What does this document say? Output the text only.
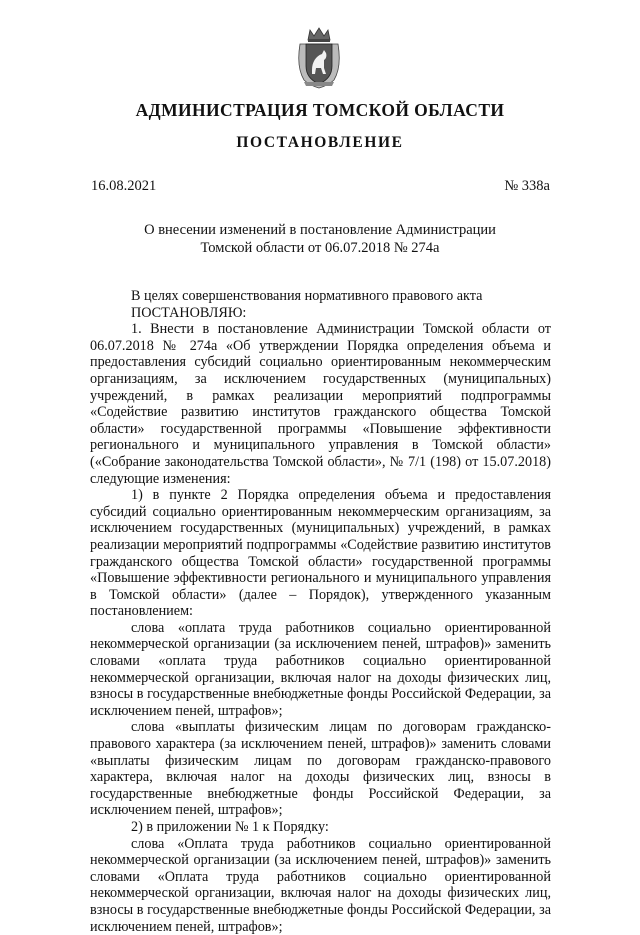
АДМИНИСТРАЦИЯ ТОМСКОЙ ОБЛАСТИ
ПОСТАНОВЛЕНИЕ
16.08.2021	№ 338а
О внесении изменений в постановление Администрации
Томской области от 06.07.2018 № 274а

В целях совершенствования нормативного правового акта

ПОСТАНОВЛЯЮ:

1. Внести в постановление Администрации Томской области от 06.07.2018 № 274а «Об утверждении Порядка определения объема и предоставления субсидий социально ориентированным некоммерческим организациям, за исключением государственных (муниципальных) учреждений, в рамках реализации мероприятий подпрограммы «Содействие развитию институтов гражданского общества Томской области» государственной программы «Повышение эффективности регионального и муниципального управления в Томской области» («Собрание законодательства Томской области», № 7/1 (198) от 15.07.2018) следующие изменения:

1) в пункте 2 Порядка определения объема и предоставления субсидий социально ориентированным некоммерческим организациям, за исключением государственных (муниципальных) учреждений, в рамках реализации мероприятий подпрограммы «Содействие развитию институтов гражданского общества Томской области» государственной программы «Повышение эффективности регионального и муниципального управления в Томской области» (далее – Порядок), утвержденного указанным постановлением:

слова «оплата труда работников социально ориентированной некоммерческой организации (за исключением пеней, штрафов)» заменить словами «оплата труда работников социально ориентированной некоммерческой организации, включая налог на доходы физических лиц, взносы в государственные внебюджетные фонды Российской Федерации, за исключением пеней, штрафов»;

слова «выплаты физическим лицам по договорам гражданско-правового характера (за исключением пеней, штрафов)» заменить словами «выплаты физическим лицам по договорам гражданско-правового характера, включая налог на доходы физических лиц, взносы в государственные внебюджетные фонды Российской Федерации, за исключением пеней, штрафов»;

2) в приложении № 1 к Порядку:

слова «Оплата труда работников социально ориентированной некоммерческой организации (за исключением пеней, штрафов)» заменить словами «Оплата труда работников социально ориентированной некоммерческой организации, включая налог на доходы физических лиц, взносы в государственные внебюджетные фонды Российской Федерации, за исключением пеней, штрафов»;
